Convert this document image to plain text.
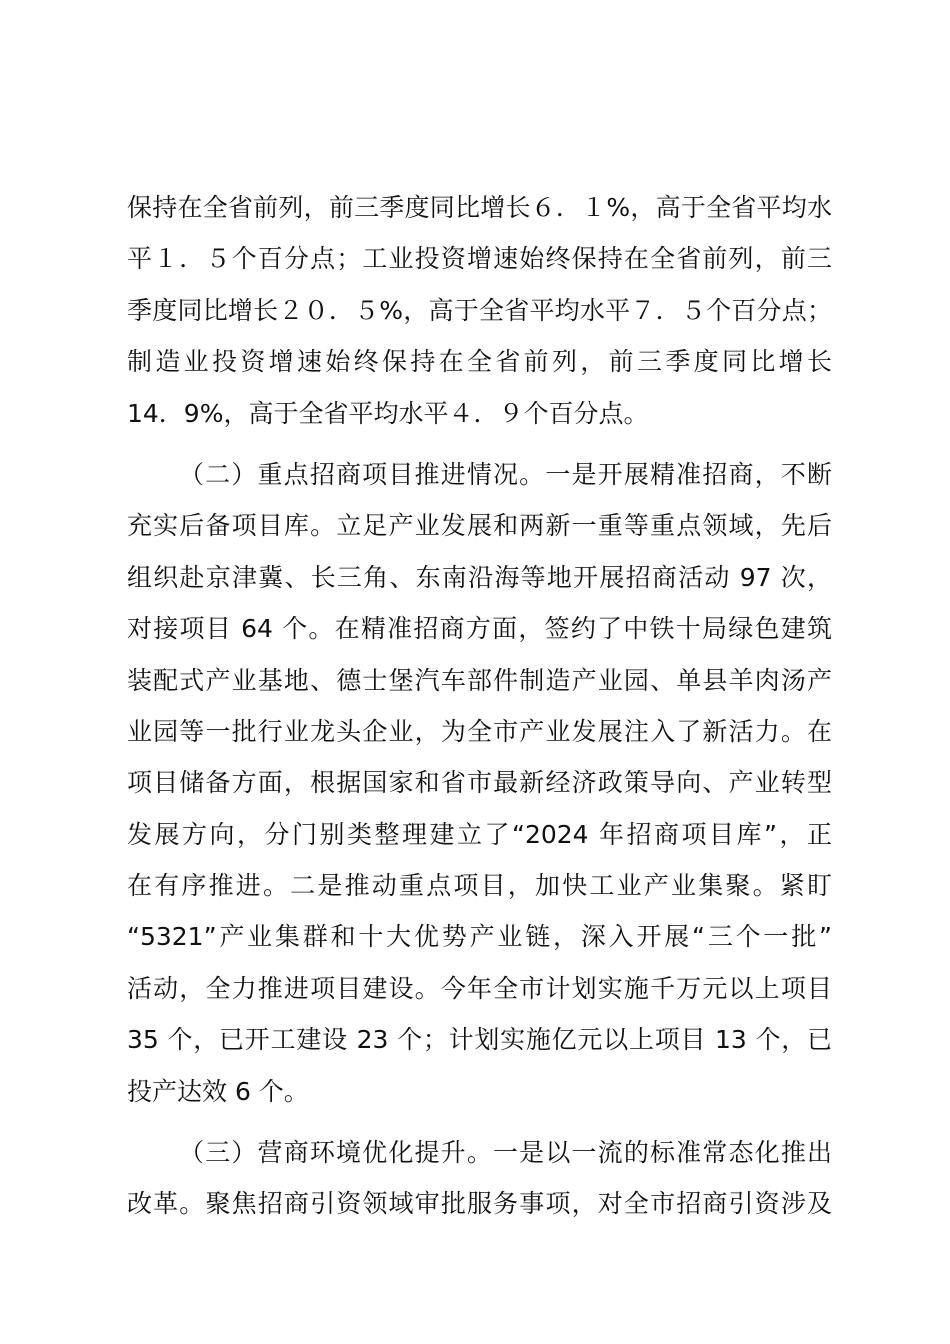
保持在全省前列，前三季度同比增长６．１%，高于全省平均水
平１．５个百分点；工业投资增速始终保持在全省前列，前三
季度同比增长２０．５%，高于全省平均水平７．５个百分点；
制造业投资增速始终保持在全省前列，前三季度同比增长
14．9%，高于全省平均水平４．９个百分点。
（二）重点招商项目推进情况。一是开展精准招商，不断
充实后备项目库。立足产业发展和两新一重等重点领域，先后
组织赴京津冀、长三角、东南沿海等地开展招商活动 97 次，
对接项目 64 个。在精准招商方面，签约了中铁十局绿色建筑
装配式产业基地、德士堡汽车部件制造产业园、单县羊肉汤产
业园等一批行业龙头企业，为全市产业发展注入了新活力。在
项目储备方面，根据国家和省市最新经济政策导向、产业转型
发展方向，分门别类整理建立了“2024 年招商项目库”，正
在有序推进。二是推动重点项目，加快工业产业集聚。紧盯
“5321”产业集群和十大优势产业链，深入开展“三个一批”
活动，全力推进项目建设。今年全市计划实施千万元以上项目
35 个，已开工建设 23 个；计划实施亿元以上项目 13 个，已
投产达效 6 个。
（三）营商环境优化提升。一是以一流的标准常态化推出
改革。聚焦招商引资领域审批服务事项，对全市招商引资涉及
